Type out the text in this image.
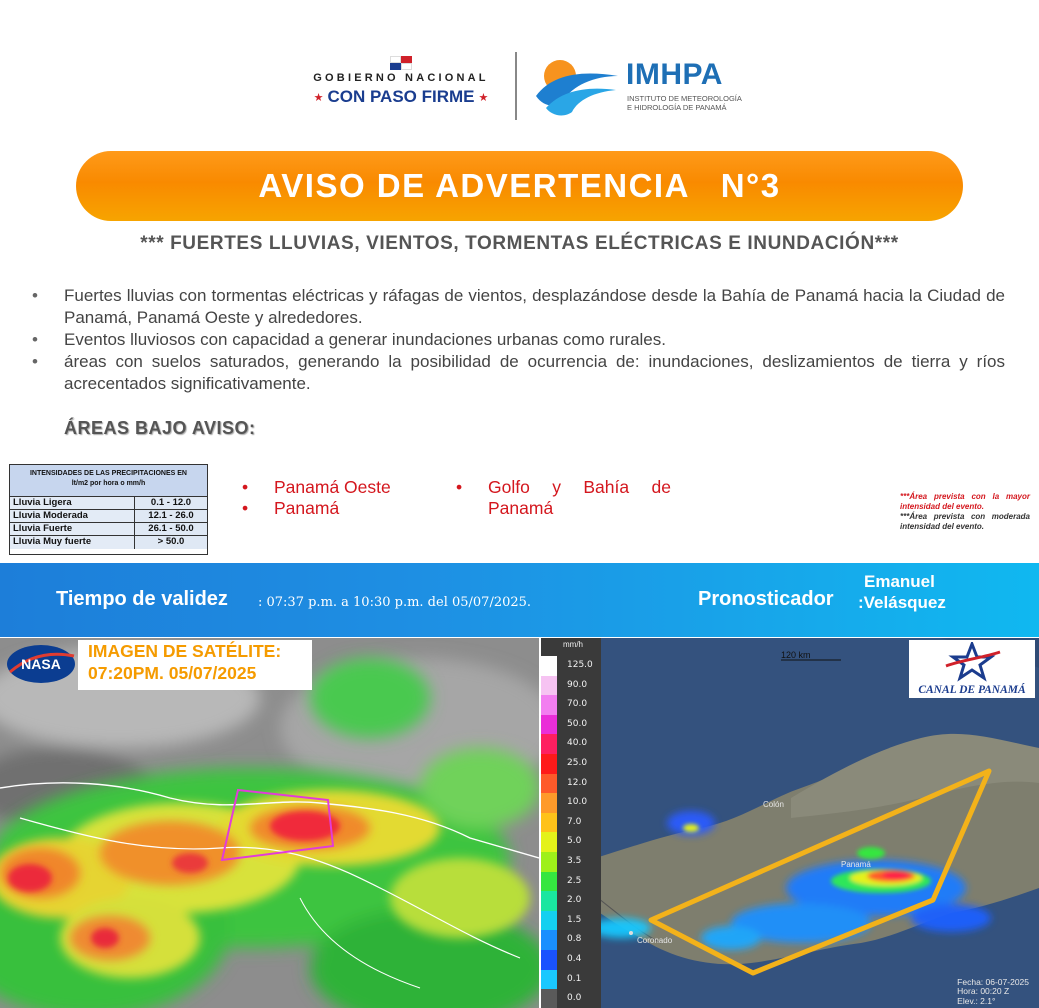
GOBIERNO NACIONAL
★ CON PASO FIRME ★
IMHPA
INSTITUTO DE METEOROLOGÍA
E HIDROLOGÍA DE PANAMÁ
AVISO DE ADVERTENCIA   N°3
*** FUERTES LLUVIAS, VIENTOS, TORMENTAS ELÉCTRICAS E INUNDACIÓN***
• Fuertes lluvias con tormentas eléctricas y ráfagas de vientos, desplazándose desde la Bahía de Panamá hacia la Ciudad de Panamá, Panamá Oeste y alrededores.
• Eventos lluviosos con capacidad a generar inundaciones urbanas como rurales.
• áreas con suelos saturados, generando la posibilidad de ocurrencia de: inundaciones, deslizamientos de tierra y ríos acrecentados significativamente.
ÁREAS BAJO AVISO:
INTENSIDADES DE LAS PRECIPITACIONES EN
lt/m2 por hora o mm/h
Lluvia Ligera	0.1 - 12.0
Lluvia Moderada	12.1 - 26.0
Lluvia Fuerte	26.1 - 50.0
Lluvia Muy fuerte	> 50.0
• Panamá Oeste
• Panamá
• Golfo y Bahía de Panamá
***Área prevista con la mayor intensidad del evento.
***Área prevista con moderada intensidad del evento.
Tiempo de validez : 07:37 p.m. a 10:30 p.m. del 05/07/2025.	Pronosticador
Emanuel
:Velásquez
NASA
IMAGEN DE SATÉLITE:
07:20PM. 05/07/2025
120 km
Colón
Panamá
Coronado
mm/h
125.0
90.0
70.0
50.0
40.0
25.0
12.0
10.0
7.0
5.0
3.5
2.5
2.0
1.5
0.8
0.4
0.1
0.0
CANAL DE PANAMÁ
Fecha: 06-07-2025
Hora: 00:20 Z
Elev.: 2.1°
